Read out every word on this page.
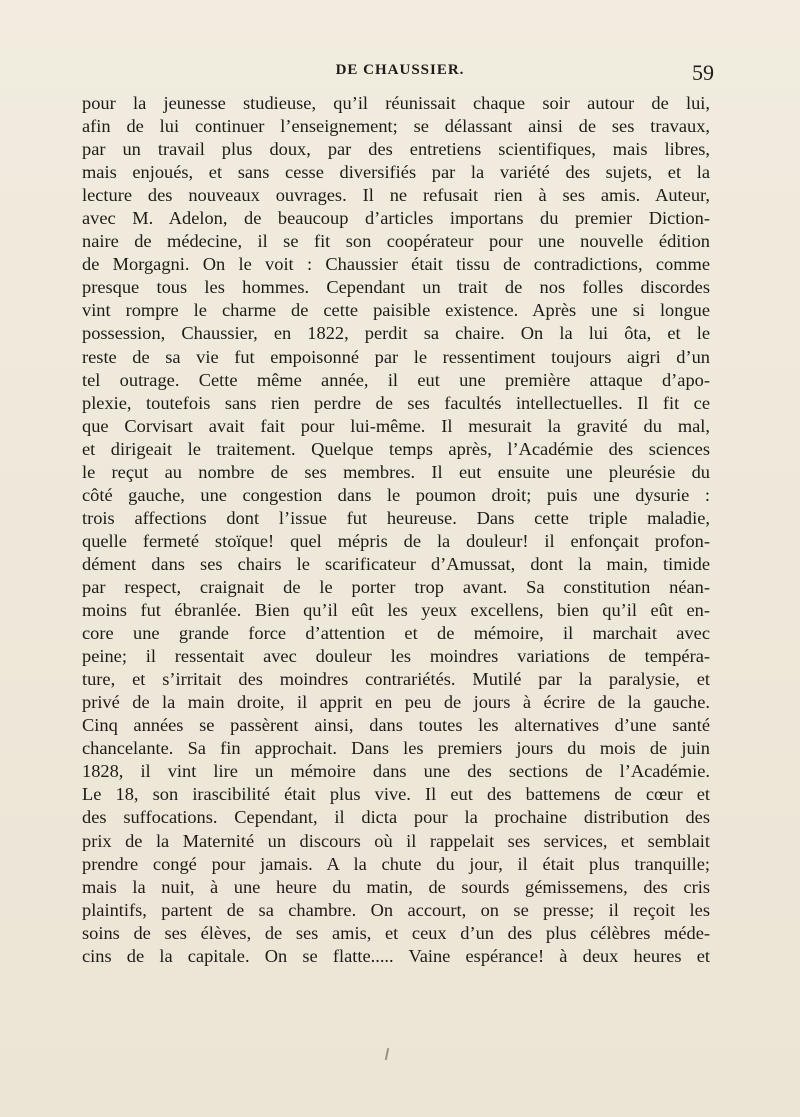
DE CHAUSSIER.	59
pour la jeunesse studieuse, qu’il réunissait chaque soir autour de lui,
afin de lui continuer l’enseignement; se délassant ainsi de ses travaux,
par un travail plus doux, par des entretiens scientifiques, mais libres,
mais enjoués, et sans cesse diversifiés par la variété des sujets, et la
lecture des nouveaux ouvrages. Il ne refusait rien à ses amis. Auteur,
avec M. Adelon, de beaucoup d’articles importans du premier Diction-
naire de médecine, il se fit son coopérateur pour une nouvelle édition
de Morgagni. On le voit : Chaussier était tissu de contradictions, comme
presque tous les hommes. Cependant un trait de nos folles discordes
vint rompre le charme de cette paisible existence. Après une si longue
possession, Chaussier, en 1822, perdit sa chaire. On la lui ôta, et le
reste de sa vie fut empoisonné par le ressentiment toujours aigri d’un
tel outrage. Cette même année, il eut une première attaque d’apo-
plexie, toutefois sans rien perdre de ses facultés intellectuelles. Il fit ce
que Corvisart avait fait pour lui-même. Il mesurait la gravité du mal,
et dirigeait le traitement. Quelque temps après, l’Académie des sciences
le reçut au nombre de ses membres. Il eut ensuite une pleurésie du
côté gauche, une congestion dans le poumon droit; puis une dysurie :
trois affections dont l’issue fut heureuse. Dans cette triple maladie,
quelle fermeté stoïque! quel mépris de la douleur! il enfonçait profon-
dément dans ses chairs le scarificateur d’Amussat, dont la main, timide
par respect, craignait de le porter trop avant. Sa constitution néan-
moins fut ébranlée. Bien qu’il eût les yeux excellens, bien qu’il eût en-
core une grande force d’attention et de mémoire, il marchait avec
peine; il ressentait avec douleur les moindres variations de tempéra-
ture, et s’irritait des moindres contrariétés. Mutilé par la paralysie, et
privé de la main droite, il apprit en peu de jours à écrire de la gauche.
Cinq années se passèrent ainsi, dans toutes les alternatives d’une santé
chancelante. Sa fin approchait. Dans les premiers jours du mois de juin
1828, il vint lire un mémoire dans une des sections de l’Académie.
Le 18, son irascibilité était plus vive. Il eut des battemens de cœur et
des suffocations. Cependant, il dicta pour la prochaine distribution des
prix de la Maternité un discours où il rappelait ses services, et semblait
prendre congé pour jamais. A la chute du jour, il était plus tranquille;
mais la nuit, à une heure du matin, de sourds gémissemens, des cris
plaintifs, partent de sa chambre. On accourt, on se presse; il reçoit les
soins de ses élèves, de ses amis, et ceux d’un des plus célèbres méde-
cins de la capitale. On se flatte..... Vaine espérance! à deux heures et
